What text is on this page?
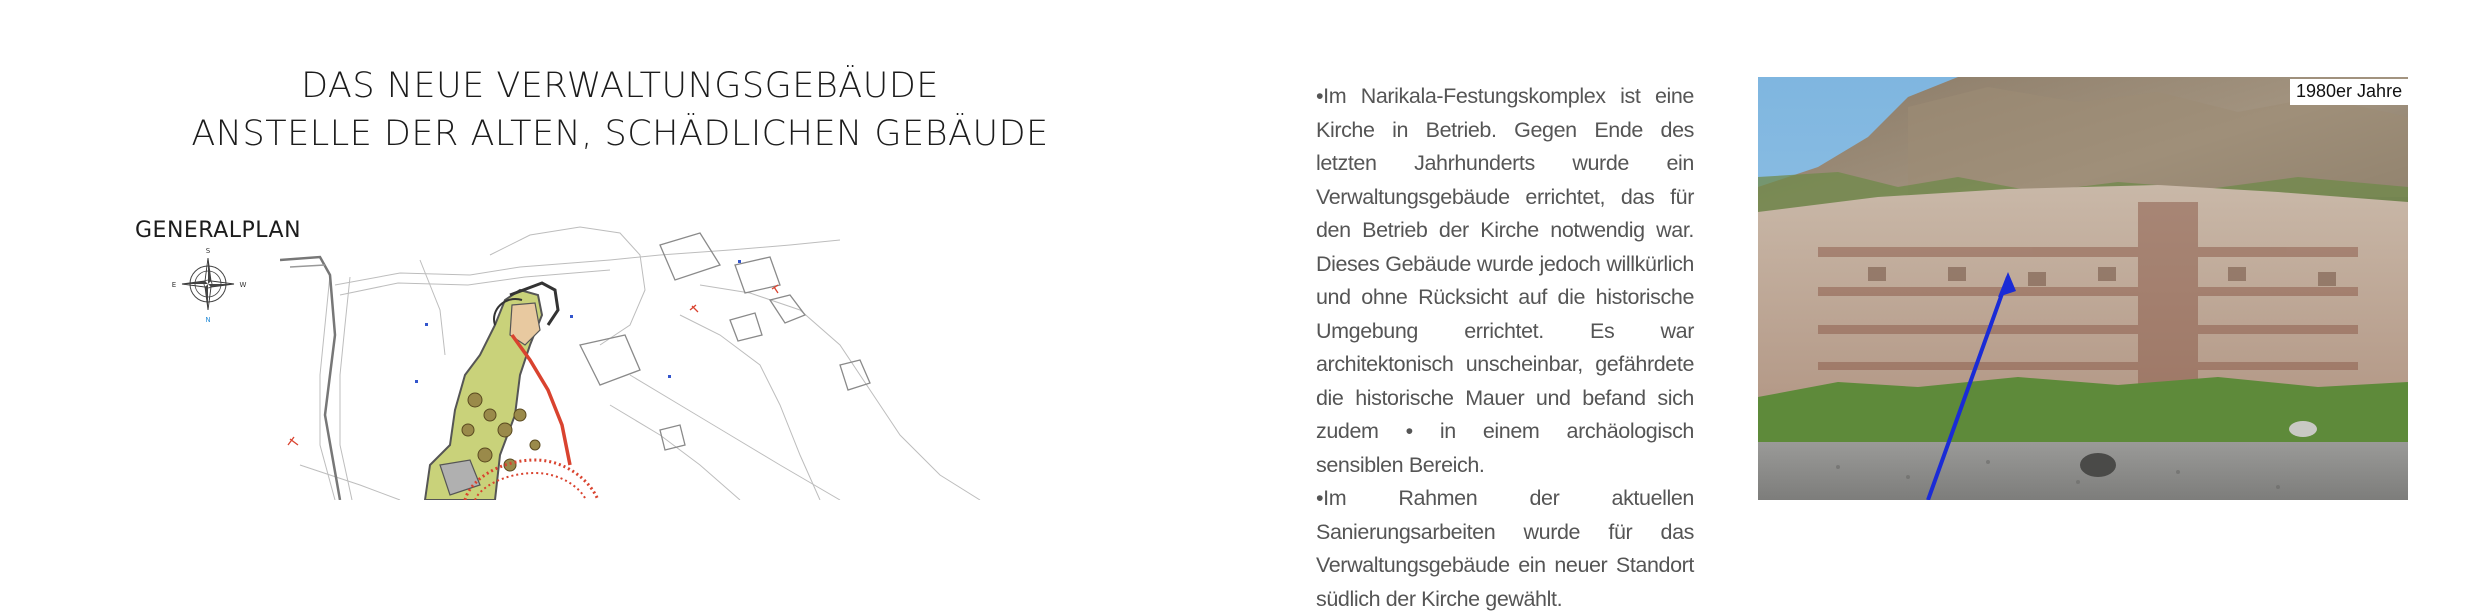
DAS NEUE VERWALTUNGSGEBÄUDE
ANSTELLE DER ALTEN, SCHÄDLICHEN GEBÄUDE
GENERALPLAN
S
E	W
N

•Im Narikala-Festungskomplex ist eine Kirche in Betrieb. Gegen Ende des letzten Jahrhunderts wurde ein Verwaltungsgebäude errichtet, das für den Betrieb der Kirche notwendig war. Dieses Gebäude wurde jedoch willkürlich und ohne Rücksicht auf die historische Umgebung errichtet. Es war architektonisch unscheinbar, gefährdete die historische Mauer und befand sich zudem • in einem archäologisch sensiblen Bereich.

•Im Rahmen der aktuellen Sanierungsarbeiten wurde für das Verwaltungsgebäude ein neuer Standort südlich der Kirche gewählt.

1980er Jahre
